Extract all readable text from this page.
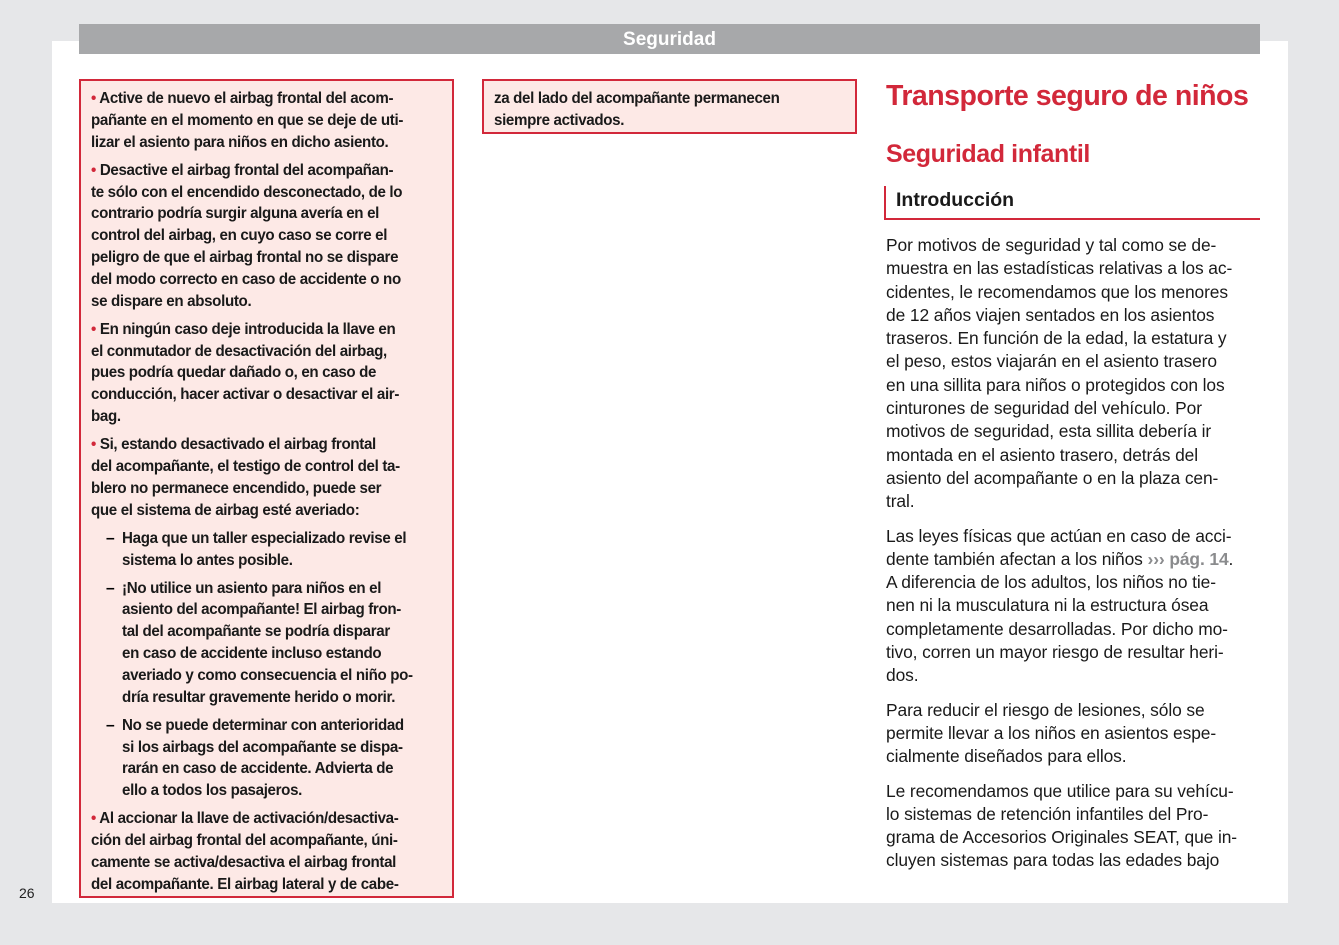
Seguridad
• Active de nuevo el airbag frontal del acom-
pañante en el momento en que se deje de uti-
lizar el asiento para niños en dicho asiento.
• Desactive el airbag frontal del acompañan-
te sólo con el encendido desconectado, de lo
contrario podría surgir alguna avería en el
control del airbag, en cuyo caso se corre el
peligro de que el airbag frontal no se dispare
del modo correcto en caso de accidente o no
se dispare en absoluto.
• En ningún caso deje introducida la llave en
el conmutador de desactivación del airbag,
pues podría quedar dañado o, en caso de
conducción, hacer activar o desactivar el air-
bag.
• Si, estando desactivado el airbag frontal
del acompañante, el testigo de control del ta-
blero no permanece encendido, puede ser
que el sistema de airbag esté averiado:
– Haga que un taller especializado revise el
sistema lo antes posible.
– ¡No utilice un asiento para niños en el
asiento del acompañante! El airbag fron-
tal del acompañante se podría disparar
en caso de accidente incluso estando
averiado y como consecuencia el niño po-
dría resultar gravemente herido o morir.
– No se puede determinar con anterioridad
si los airbags del acompañante se dispa-
rarán en caso de accidente. Advierta de
ello a todos los pasajeros.
• Al accionar la llave de activación/desactiva-
ción del airbag frontal del acompañante, úni-
camente se activa/desactiva el airbag frontal
del acompañante. El airbag lateral y de cabe-
za del lado del acompañante permanecen
siempre activados.
Transporte seguro de niños
Seguridad infantil
Introducción
Por motivos de seguridad y tal como se de-
muestra en las estadísticas relativas a los ac-
cidentes, le recomendamos que los menores
de 12 años viajen sentados en los asientos
traseros. En función de la edad, la estatura y
el peso, estos viajarán en el asiento trasero
en una sillita para niños o protegidos con los
cinturones de seguridad del vehículo. Por
motivos de seguridad, esta sillita debería ir
montada en el asiento trasero, detrás del
asiento del acompañante o en la plaza cen-
tral.
Las leyes físicas que actúan en caso de acci-
dente también afectan a los niños ››› pág. 14.
A diferencia de los adultos, los niños no tie-
nen ni la musculatura ni la estructura ósea
completamente desarrolladas. Por dicho mo-
tivo, corren un mayor riesgo de resultar heri-
dos.
Para reducir el riesgo de lesiones, sólo se
permite llevar a los niños en asientos espe-
cialmente diseñados para ellos.
Le recomendamos que utilice para su vehícu-
lo sistemas de retención infantiles del Pro-
grama de Accesorios Originales SEAT, que in-
cluyen sistemas para todas las edades bajo
26
